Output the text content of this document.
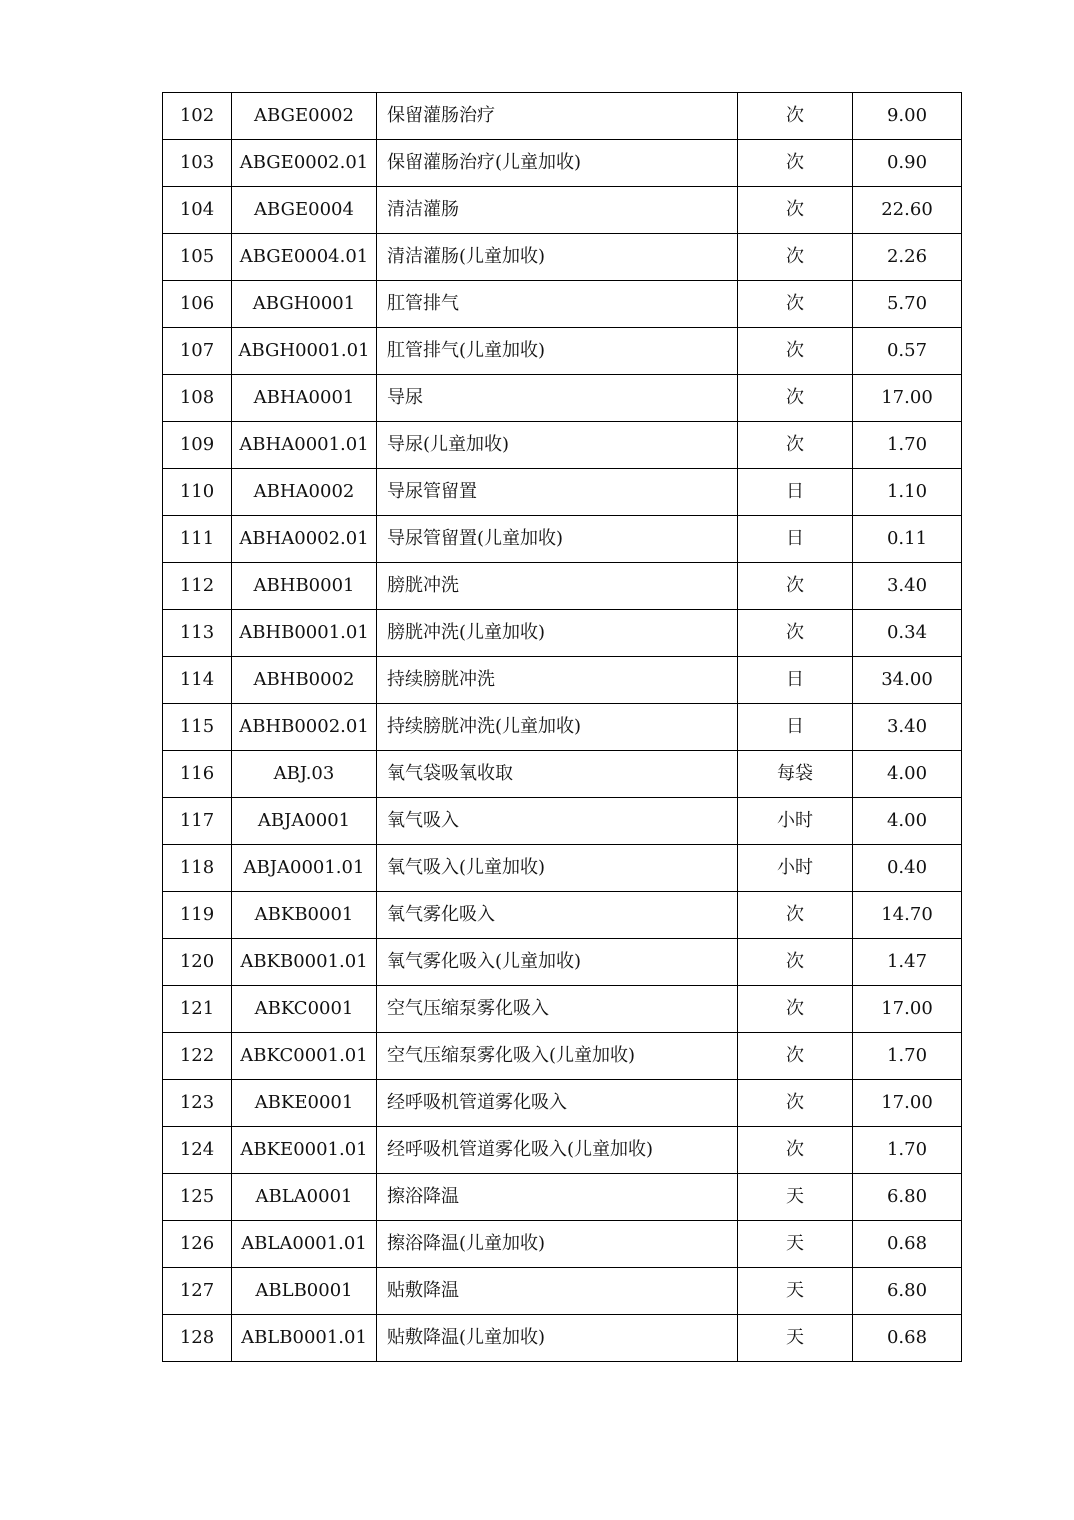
102	ABGE0002	保留灌肠治疗	次	9.00
103	ABGE0002.01	保留灌肠治疗(儿童加收)	次	0.90
104	ABGE0004	清洁灌肠	次	22.60
105	ABGE0004.01	清洁灌肠(儿童加收)	次	2.26
106	ABGH0001	肛管排气	次	5.70
107	ABGH0001.01	肛管排气(儿童加收)	次	0.57
108	ABHA0001	导尿	次	17.00
109	ABHA0001.01	导尿(儿童加收)	次	1.70
110	ABHA0002	导尿管留置	日	1.10
111	ABHA0002.01	导尿管留置(儿童加收)	日	0.11
112	ABHB0001	膀胱冲洗	次	3.40
113	ABHB0001.01	膀胱冲洗(儿童加收)	次	0.34
114	ABHB0002	持续膀胱冲洗	日	34.00
115	ABHB0002.01	持续膀胱冲洗(儿童加收)	日	3.40
116	ABJ.03	氧气袋吸氧收取	每袋	4.00
117	ABJA0001	氧气吸入	小时	4.00
118	ABJA0001.01	氧气吸入(儿童加收)	小时	0.40
119	ABKB0001	氧气雾化吸入	次	14.70
120	ABKB0001.01	氧气雾化吸入(儿童加收)	次	1.47
121	ABKC0001	空气压缩泵雾化吸入	次	17.00
122	ABKC0001.01	空气压缩泵雾化吸入(儿童加收)	次	1.70
123	ABKE0001	经呼吸机管道雾化吸入	次	17.00
124	ABKE0001.01	经呼吸机管道雾化吸入(儿童加收)	次	1.70
125	ABLA0001	擦浴降温	天	6.80
126	ABLA0001.01	擦浴降温(儿童加收)	天	0.68
127	ABLB0001	贴敷降温	天	6.80
128	ABLB0001.01	贴敷降温(儿童加收)	天	0.68
